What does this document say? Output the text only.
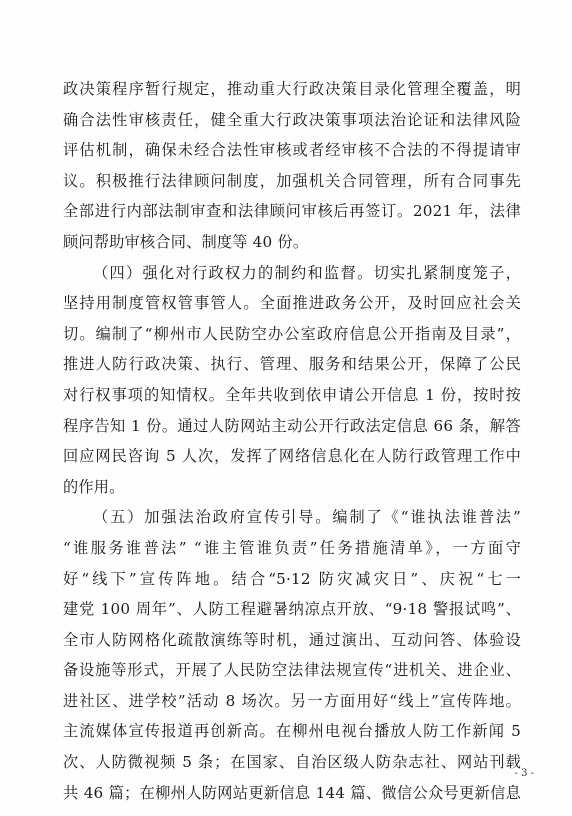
政决策程序暂行规定，推动重大行政决策目录化管理全覆盖，明
确合法性审核责任，健全重大行政决策事项法治论证和法律风险
评估机制，确保未经合法性审核或者经审核不合法的不得提请审
议。积极推行法律顾问制度，加强机关合同管理，所有合同事先
全部进行内部法制审查和法律顾问审核后再签订。2021 年，法律
顾问帮助审核合同、制度等 40 份。
（四）强化对行政权力的制约和监督。切实扎紧制度笼子，
坚持用制度管权管事管人。全面推进政务公开，及时回应社会关
切。编制了“柳州市人民防空办公室政府信息公开指南及目录”，
推进人防行政决策、执行、管理、服务和结果公开，保障了公民
对行权事项的知情权。全年共收到依申请公开信息 1 份，按时按
程序告知 1 份。通过人防网站主动公开行政法定信息 66 条，解答
回应网民咨询 5 人次，发挥了网络信息化在人防行政管理工作中
的作用。
（五）加强法治政府宣传引导。编制了《“谁执法谁普法”
“谁服务谁普法” “谁主管谁负责”任务措施清单》，一方面守
好“线下”宣传阵地。结合“5·12 防灾减灾日”、庆祝“七一
建党 100 周年”、人防工程避暑纳凉点开放、“9·18 警报试鸣”、
全市人防网格化疏散演练等时机，通过演出、互动问答、体验设
备设施等形式，开展了人民防空法律法规宣传“进机关、进企业、
进社区、进学校”活动 8 场次。另一方面用好“线上”宣传阵地。
主流媒体宣传报道再创新高。在柳州电视台播放人防工作新闻 5
次、人防微视频 5 条；在国家、自治区级人防杂志社、网站刊载
共 46 篇；在柳州人防网站更新信息 144 篇、微信公众号更新信息
- 3 -
